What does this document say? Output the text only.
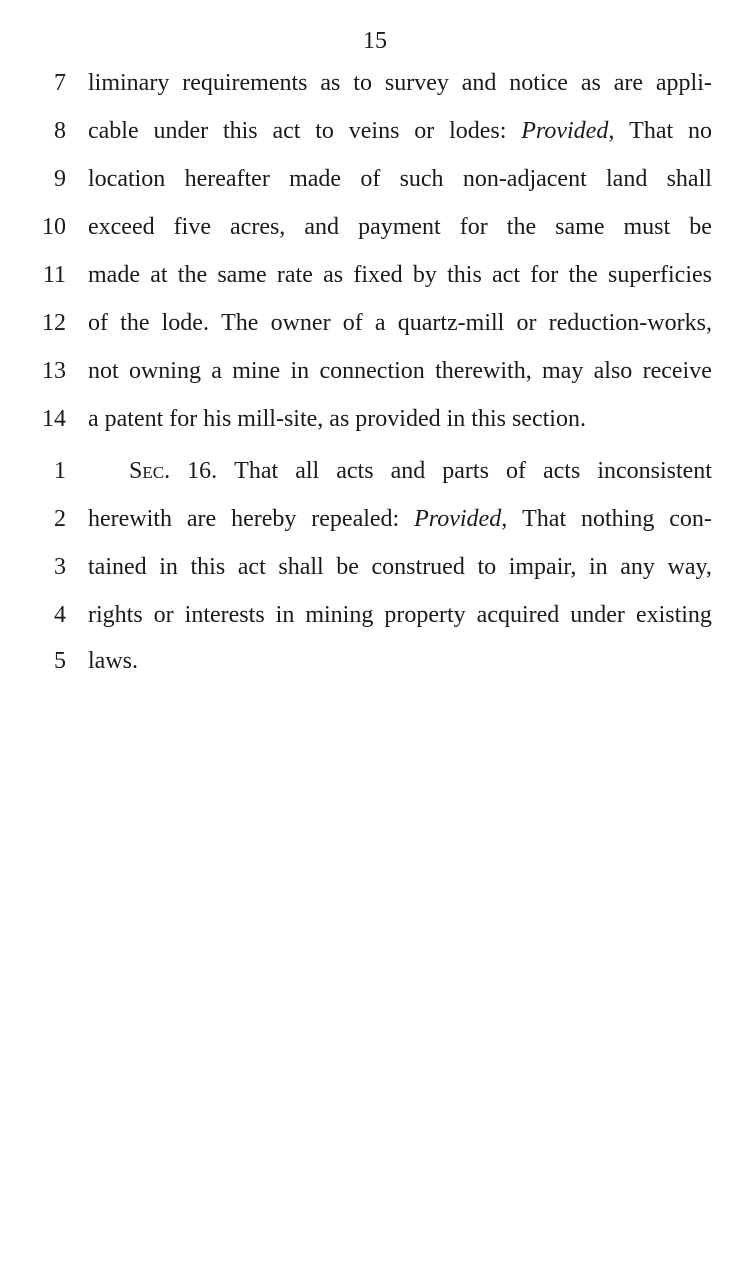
15
7 liminary requirements as to survey and notice as are appli-
8 cable under this act to veins or lodes: Provided, That no
9 location hereafter made of such non-adjacent land shall
10 exceed five acres, and payment for the same must be
11 made at the same rate as fixed by this act for the superficies
12 of the lode. The owner of a quartz-mill or reduction-works,
13 not owning a mine in connection therewith, may also receive
14 a patent for his mill-site, as provided in this section.
1
	Sec. 16. That all acts and parts of acts inconsistent
2 herewith are hereby repealed: Provided, That nothing con-
3 tained in this act shall be construed to impair, in any way,
4 rights or interests in mining property acquired under existing
5 laws.
